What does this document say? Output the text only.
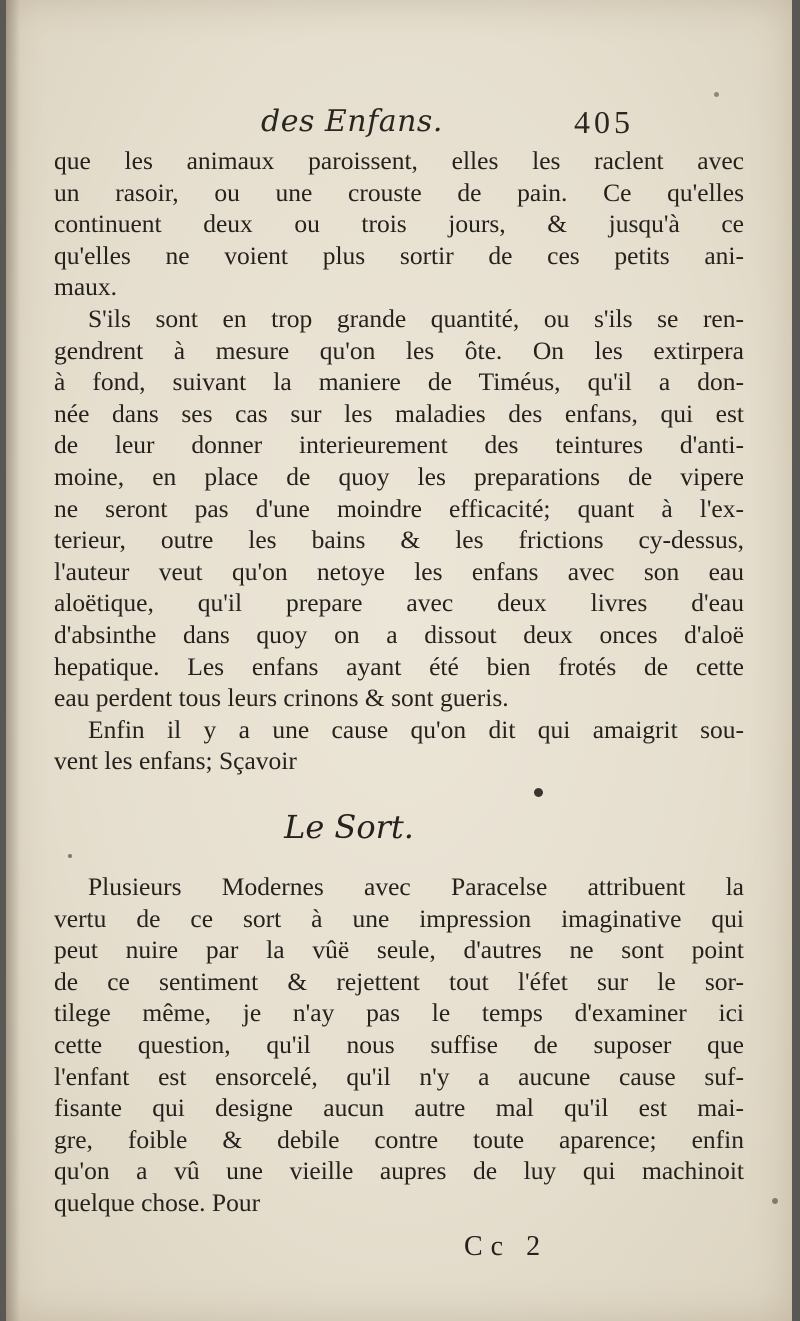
des Enfans.	405
que les animaux paroissent, elles les raclent avec
un rasoir, ou une crouste de pain. Ce qu'elles
continuent deux ou trois jours, & jusqu'à ce
qu'elles ne voient plus sortir de ces petits ani-
maux.
S'ils sont en trop grande quantité, ou s'ils se ren-
gendrent à mesure qu'on les ôte. On les extirpera
à fond, suivant la maniere de Timéus, qu'il a don-
née dans ses cas sur les maladies des enfans, qui est
de leur donner interieurement des teintures d'anti-
moine, en place de quoy les preparations de vipere
ne seront pas d'une moindre efficacité; quant à l'ex-
terieur, outre les bains & les frictions cy-dessus,
l'auteur veut qu'on netoye les enfans avec son eau
aloëtique, qu'il prepare avec deux livres d'eau
d'absinthe dans quoy on a dissout deux onces d'aloë
hepatique. Les enfans ayant été bien frotés de cette
eau perdent tous leurs crinons & sont gueris.
Enfin il y a une cause qu'on dit qui amaigrit sou-
vent les enfans; Sçavoir
Le Sort.
Plusieurs Modernes avec Paracelse attribuent la
vertu de ce sort à une impression imaginative qui
peut nuire par la vûë seule, d'autres ne sont point
de ce sentiment & rejettent tout l'éfet sur le sor-
tilege même, je n'ay pas le temps d'examiner ici
cette question, qu'il nous suffise de suposer que
l'enfant est ensorcelé, qu'il n'y a aucune cause suf-
fisante qui designe aucun autre mal qu'il est mai-
gre, foible & debile contre toute aparence; enfin
qu'on a vû une vieille aupres de luy qui machinoit
quelque chose. Pour
Cc 2
